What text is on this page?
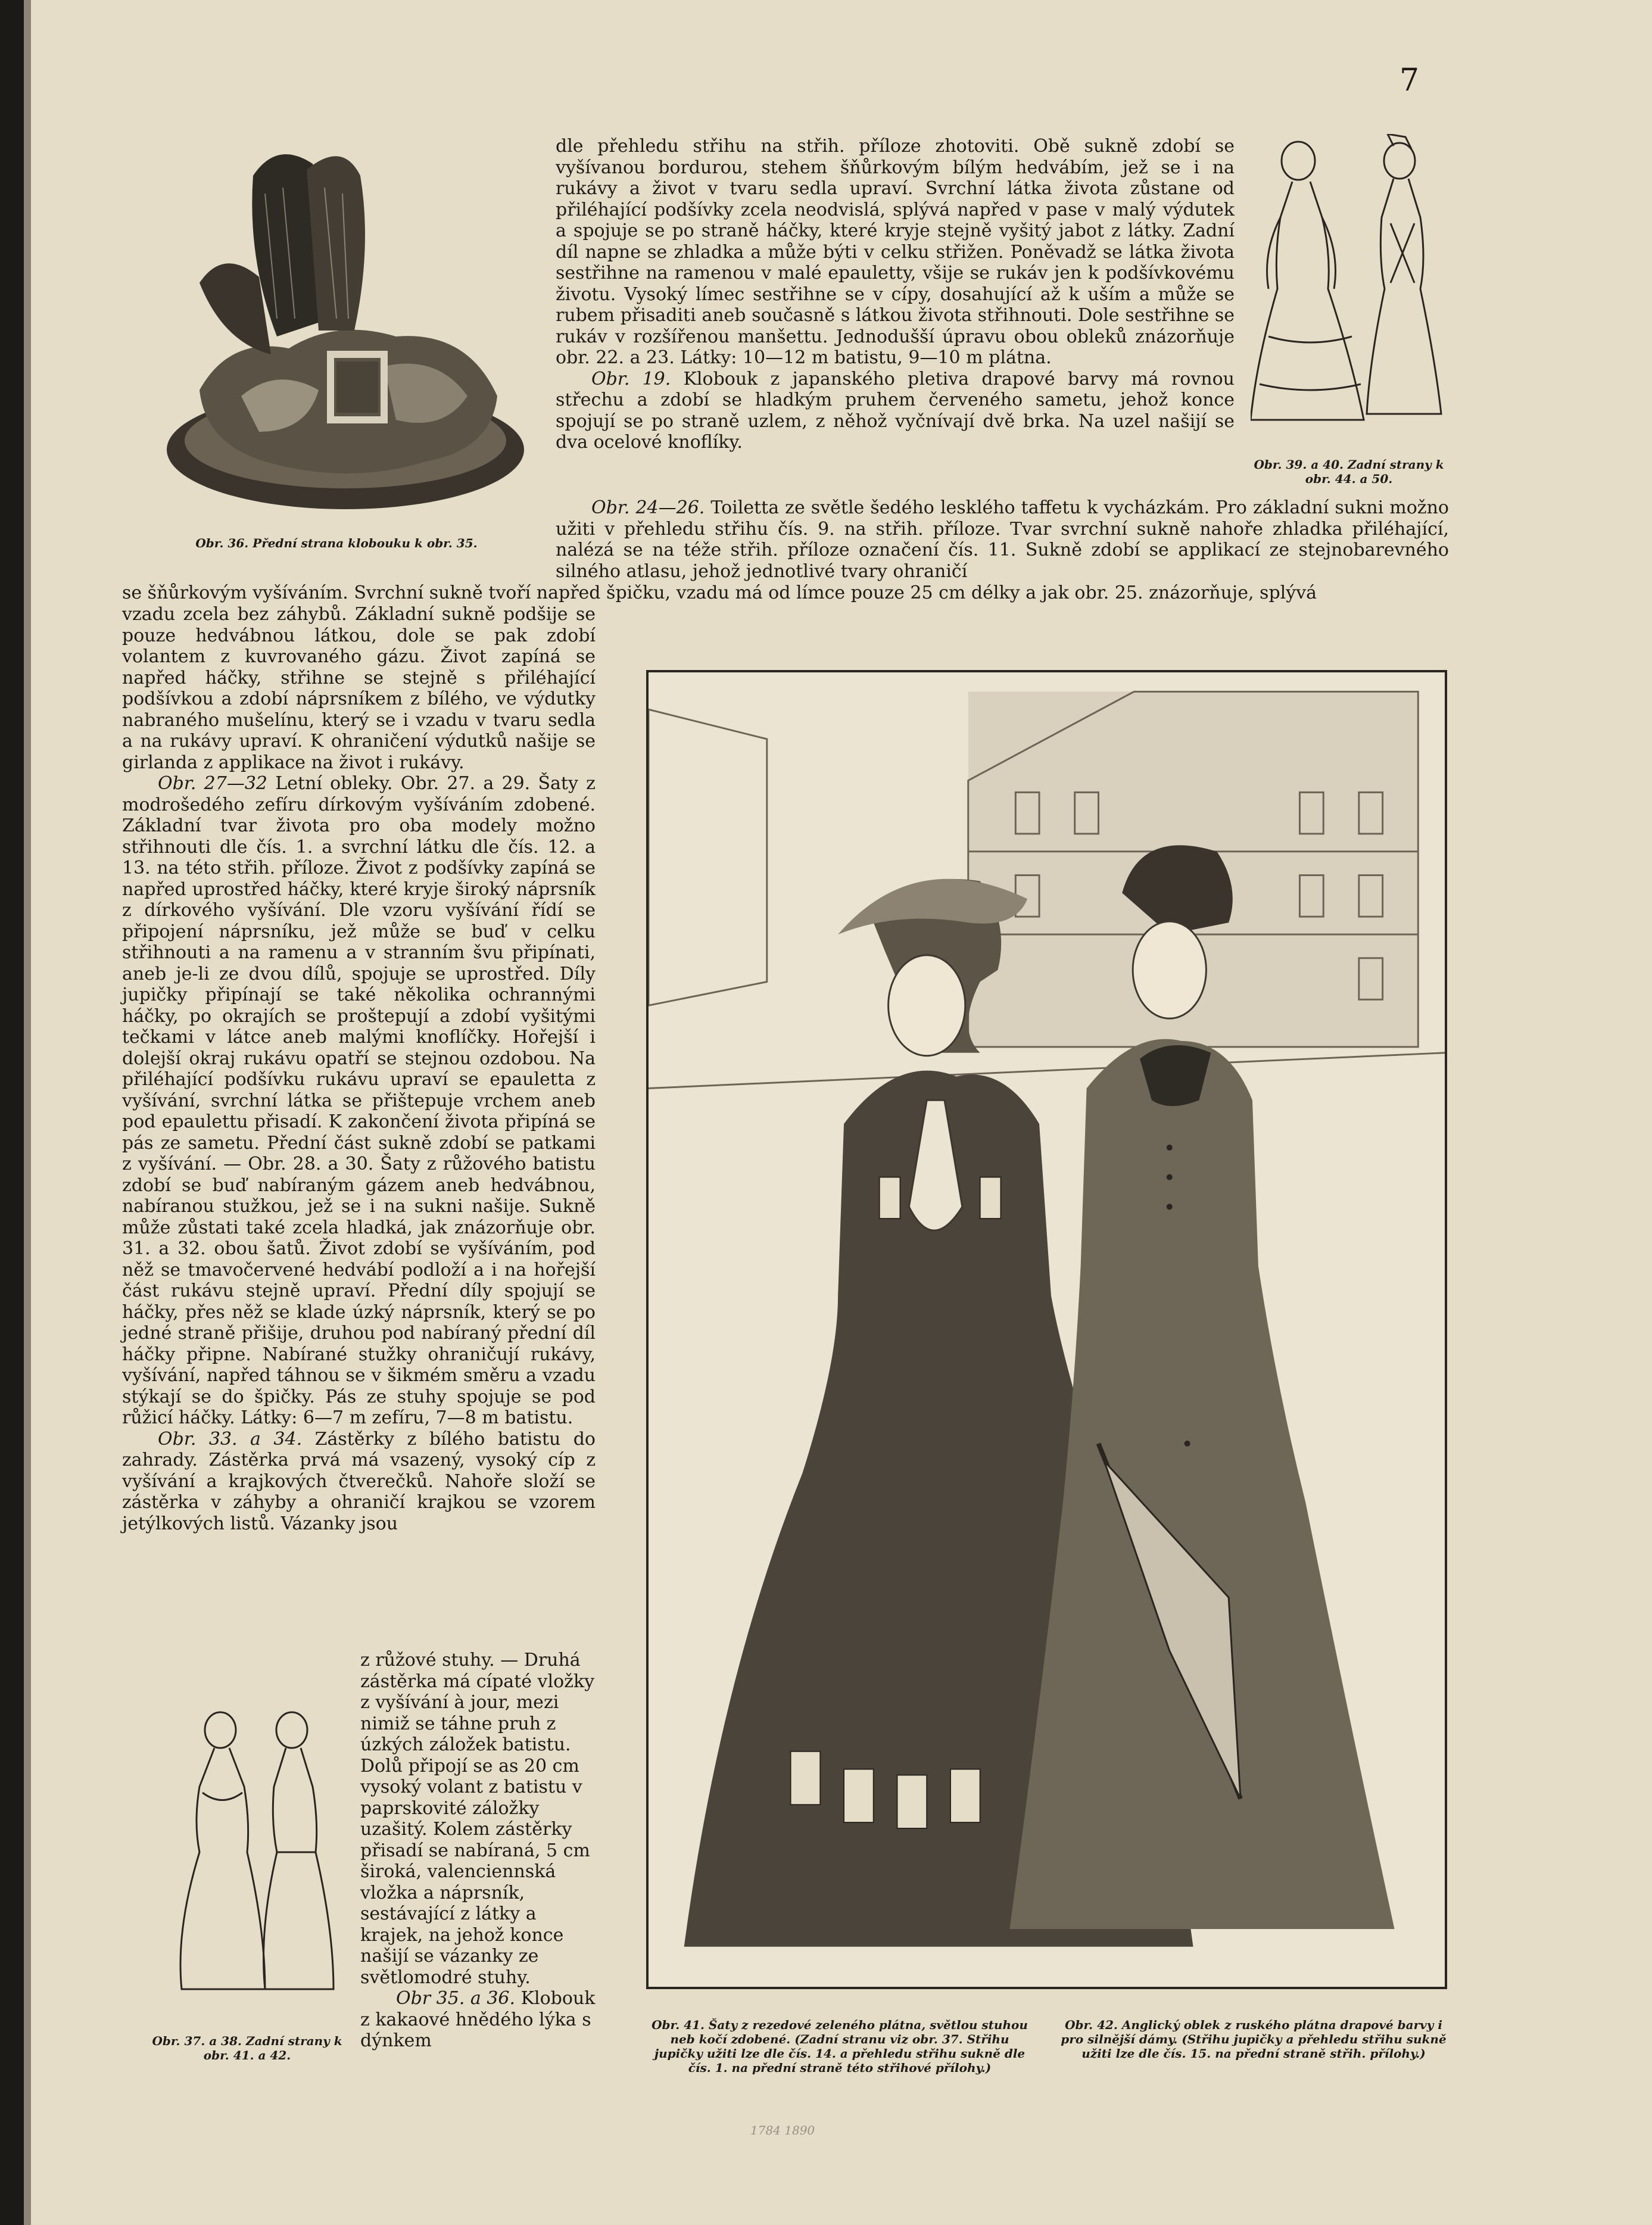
7

Obr. 36. Přední strana klobouku k obr. 35.

Obr. 39. a 40. Zadní strany k obr. 44. a 50.

dle přehledu střihu na střih. příloze zhotoviti. Obě sukně zdobí se vyšívanou bordurou, stehem šňůrkovým bílým hedvábím, jež se i na rukávy a život v tvaru sedla upraví. Svrchní látka života zůstane od přiléhající podšívky zcela neodvislá, splývá napřed v pase v malý výdutek a spojuje se po straně háčky, které kryje stejně vyšitý jabot z látky. Zadní díl napne se zhladka a může býti v celku střižen. Poněvadž se látka života sestřihne na ramenou v malé epauletty, všije se rukáv jen k podšívkovému životu. Vysoký límec sestřihne se v cípy, dosahující až k uším a může se rubem přisaditi aneb současně s látkou života střihnouti. Dole sestřihne se rukáv v rozšířenou manšettu. Jednodušší úpravu obou obleků znázorňuje obr. 22. a 23. Látky: 10—12 m batistu, 9—10 m plátna.

Obr. 19. Klobouk z japanského pletiva drapové barvy má rovnou střechu a zdobí se hladkým pruhem červeného sametu, jehož konce spojují se po straně uzlem, z něhož vyčnívají dvě brka. Na uzel našijí se dva ocelové knoflíky.

Obr. 24—26. Toiletta ze světle šedého lesklého taffetu k vycházkám. Pro základní sukni možno užiti v přehledu střihu čís. 9. na střih. příloze. Tvar svrchní sukně nahoře zhladka přiléhající, nalézá se na téže střih. příloze označení čís. 11. Sukně zdobí se applikací ze stejnobarevného silného atlasu, jehož jednotlivé tvary ohraničí

se šňůrkovým vyšíváním. Svrchní sukně tvoří napřed špičku, vzadu má od límce pouze 25 cm délky a jak obr. 25. znázorňuje, splývá

vzadu zcela bez záhybů. Základní sukně podšije se pouze hedvábnou látkou, dole se pak zdobí volantem z kuvrovaného gázu. Život zapíná se napřed háčky, střihne se stejně s přiléhající podšívkou a zdobí náprsníkem z bílého, ve výdutky nabraného mušelínu, který se i vzadu v tvaru sedla a na rukávy upraví. K ohraničení výdutků našije se girlanda z applikace na život i rukávy.

Obr. 27—32 Letní obleky. Obr. 27. a 29. Šaty z modrošedého zefíru dírkovým vyšíváním zdobené. Základní tvar života pro oba modely možno střihnouti dle čís. 1. a svrchní látku dle čís. 12. a 13. na této střih. příloze. Život z podšívky zapíná se napřed uprostřed háčky, které kryje široký náprsník z dírkového vyšívání. Dle vzoru vyšívání řídí se připojení náprsníku, jež může se buď v celku střihnouti a na ramenu a v stranním švu připínati, aneb je-li ze dvou dílů, spojuje se uprostřed. Díly jupičky připínají se také několika ochrannými háčky, po okrajích se proštepují a zdobí vyšitými tečkami v látce aneb malými knoflíčky. Hořejší i dolejší okraj rukávu opatří se stejnou ozdobou. Na přiléhající podšívku rukávu upraví se epauletta z vyšívání, svrchní látka se přištepuje vrchem aneb pod epaulettu přisadí. K zakončení života připíná se pás ze sametu. Přední část sukně zdobí se patkami z vyšívání. — Obr. 28. a 30. Šaty z růžového batistu zdobí se buď nabíraným gázem aneb hedvábnou, nabíranou stužkou, jež se i na sukni našije. Sukně může zůstati také zcela hladká, jak znázorňuje obr. 31. a 32. obou šatů. Život zdobí se vyšíváním, pod něž se tmavočervené hedvábí podloží a i na hořejší část rukávu stejně upraví. Přední díly spojují se háčky, přes něž se klade úzký náprsník, který se po jedné straně přišije, druhou pod nabíraný přední díl háčky připne. Nabírané stužky ohraničují rukávy, vyšívání, napřed táhnou se v šikmém směru a vzadu stýkají se do špičky. Pás ze stuhy spojuje se pod růžicí háčky. Látky: 6—7 m zefíru, 7—8 m batistu.

Obr. 33. a 34. Zástěrky z bílého batistu do zahrady. Zástěrka prvá má vsazený, vysoký cíp z vyšívání a krajkových čtverečků. Nahoře složí se zástěrka v záhyby a ohraničí krajkou se vzorem jetýlkových listů. Vázanky jsou

z růžové stuhy. — Druhá zástěrka má cípaté vložky z vyšívání à jour, mezi nimiž se táhne pruh z úzkých záložek batistu. Dolů připojí se as 20 cm vysoký volant z batistu v paprskovité záložky uzašitý. Kolem zástěrky přisadí se nabíraná, 5 cm široká, valenciennská vložka a náprsník, sestávající z látky a krajek, na jehož konce našijí se vázanky ze světlomodré stuhy.

Obr 35. a 36. Klobouk z kakaové hnědého lýka s dýnkem

Obr. 37. a 38. Zadní strany k obr. 41. a 42.

Obr. 41. Šaty z rezedové zeleného plátna, světlou stuhou neb kočí zdobené. (Zadní stranu viz obr. 37. Střihu jupičky užiti lze dle čís. 14. a přehledu střihu sukně dle čís. 1. na přední straně této střihové přílohy.)

Obr. 42. Anglický oblek z ruského plátna drapové barvy i pro silnější dámy. (Střihu jupičky a přehledu střihu sukně užiti lze dle čís. 15. na přední straně střih. přílohy.)

1784 1890
